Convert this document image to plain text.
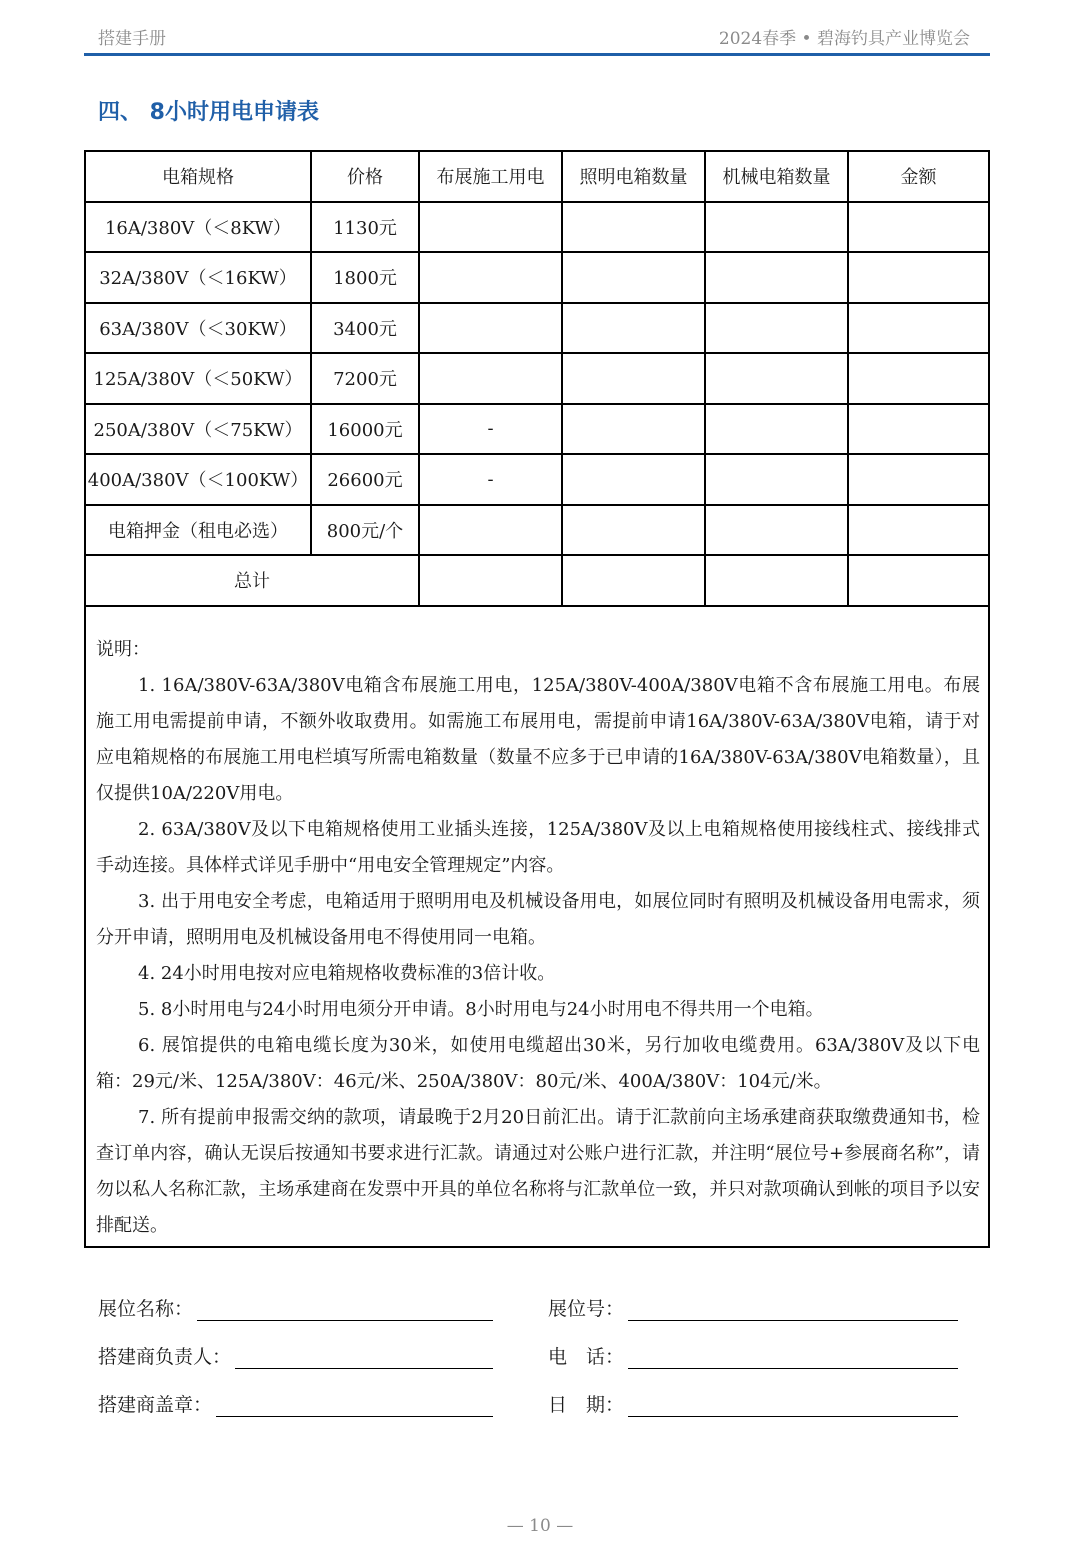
搭建手册	2024春季 • 碧海钓具产业博览会
四、 8小时用电申请表
电箱规格	价格	布展施工用电	照明电箱数量	机械电箱数量	金额
16A/380V（＜8KW）	1130元				
32A/380V（＜16KW）	1800元				
63A/380V（＜30KW）	3400元				
125A/380V（＜50KW）	7200元				
250A/380V（＜75KW）	16000元	-			
400A/380V（＜100KW）	26600元	-			
电箱押金（租电必选）	800元/个				
总计					

说明：

1. 16A/380V-63A/380V电箱含布展施工用电，125A/380V-400A/380V电箱不含布展施工用电。布展施工用电需提前申请，不额外收取费用。如需施工布展用电，需提前申请16A/380V-63A/380V电箱，请于对应电箱规格的布展施工用电栏填写所需电箱数量（数量不应多于已申请的16A/380V-63A/380V电箱数量），且仅提供10A/220V用电。

2. 63A/380V及以下电箱规格使用工业插头连接，125A/380V及以上电箱规格使用接线柱式、接线排式手动连接。具体样式详见手册中“用电安全管理规定”内容。

3. 出于用电安全考虑，电箱适用于照明用电及机械设备用电，如展位同时有照明及机械设备用电需求，须分开申请，照明用电及机械设备用电不得使用同一电箱。

4. 24小时用电按对应电箱规格收费标准的3倍计收。

5. 8小时用电与24小时用电须分开申请。8小时用电与24小时用电不得共用一个电箱。

6. 展馆提供的电箱电缆长度为30米，如使用电缆超出30米，另行加收电缆费用。63A/380V及以下电箱：29元/米、125A/380V：46元/米、250A/380V：80元/米、400A/380V：104元/米。

7. 所有提前申报需交纳的款项，请最晚于2月20日前汇出。请于汇款前向主场承建商获取缴费通知书，检查订单内容，确认无误后按通知书要求进行汇款。请通过对公账户进行汇款，并注明“展位号+参展商名称”，请勿以私人名称汇款，主场承建商在发票中开具的单位名称将与汇款单位一致，并只对款项确认到帐的项目予以安排配送。

展位名称：	展位号：
搭建商负责人：	电　话：
搭建商盖章：	日　期：
— 10 —
